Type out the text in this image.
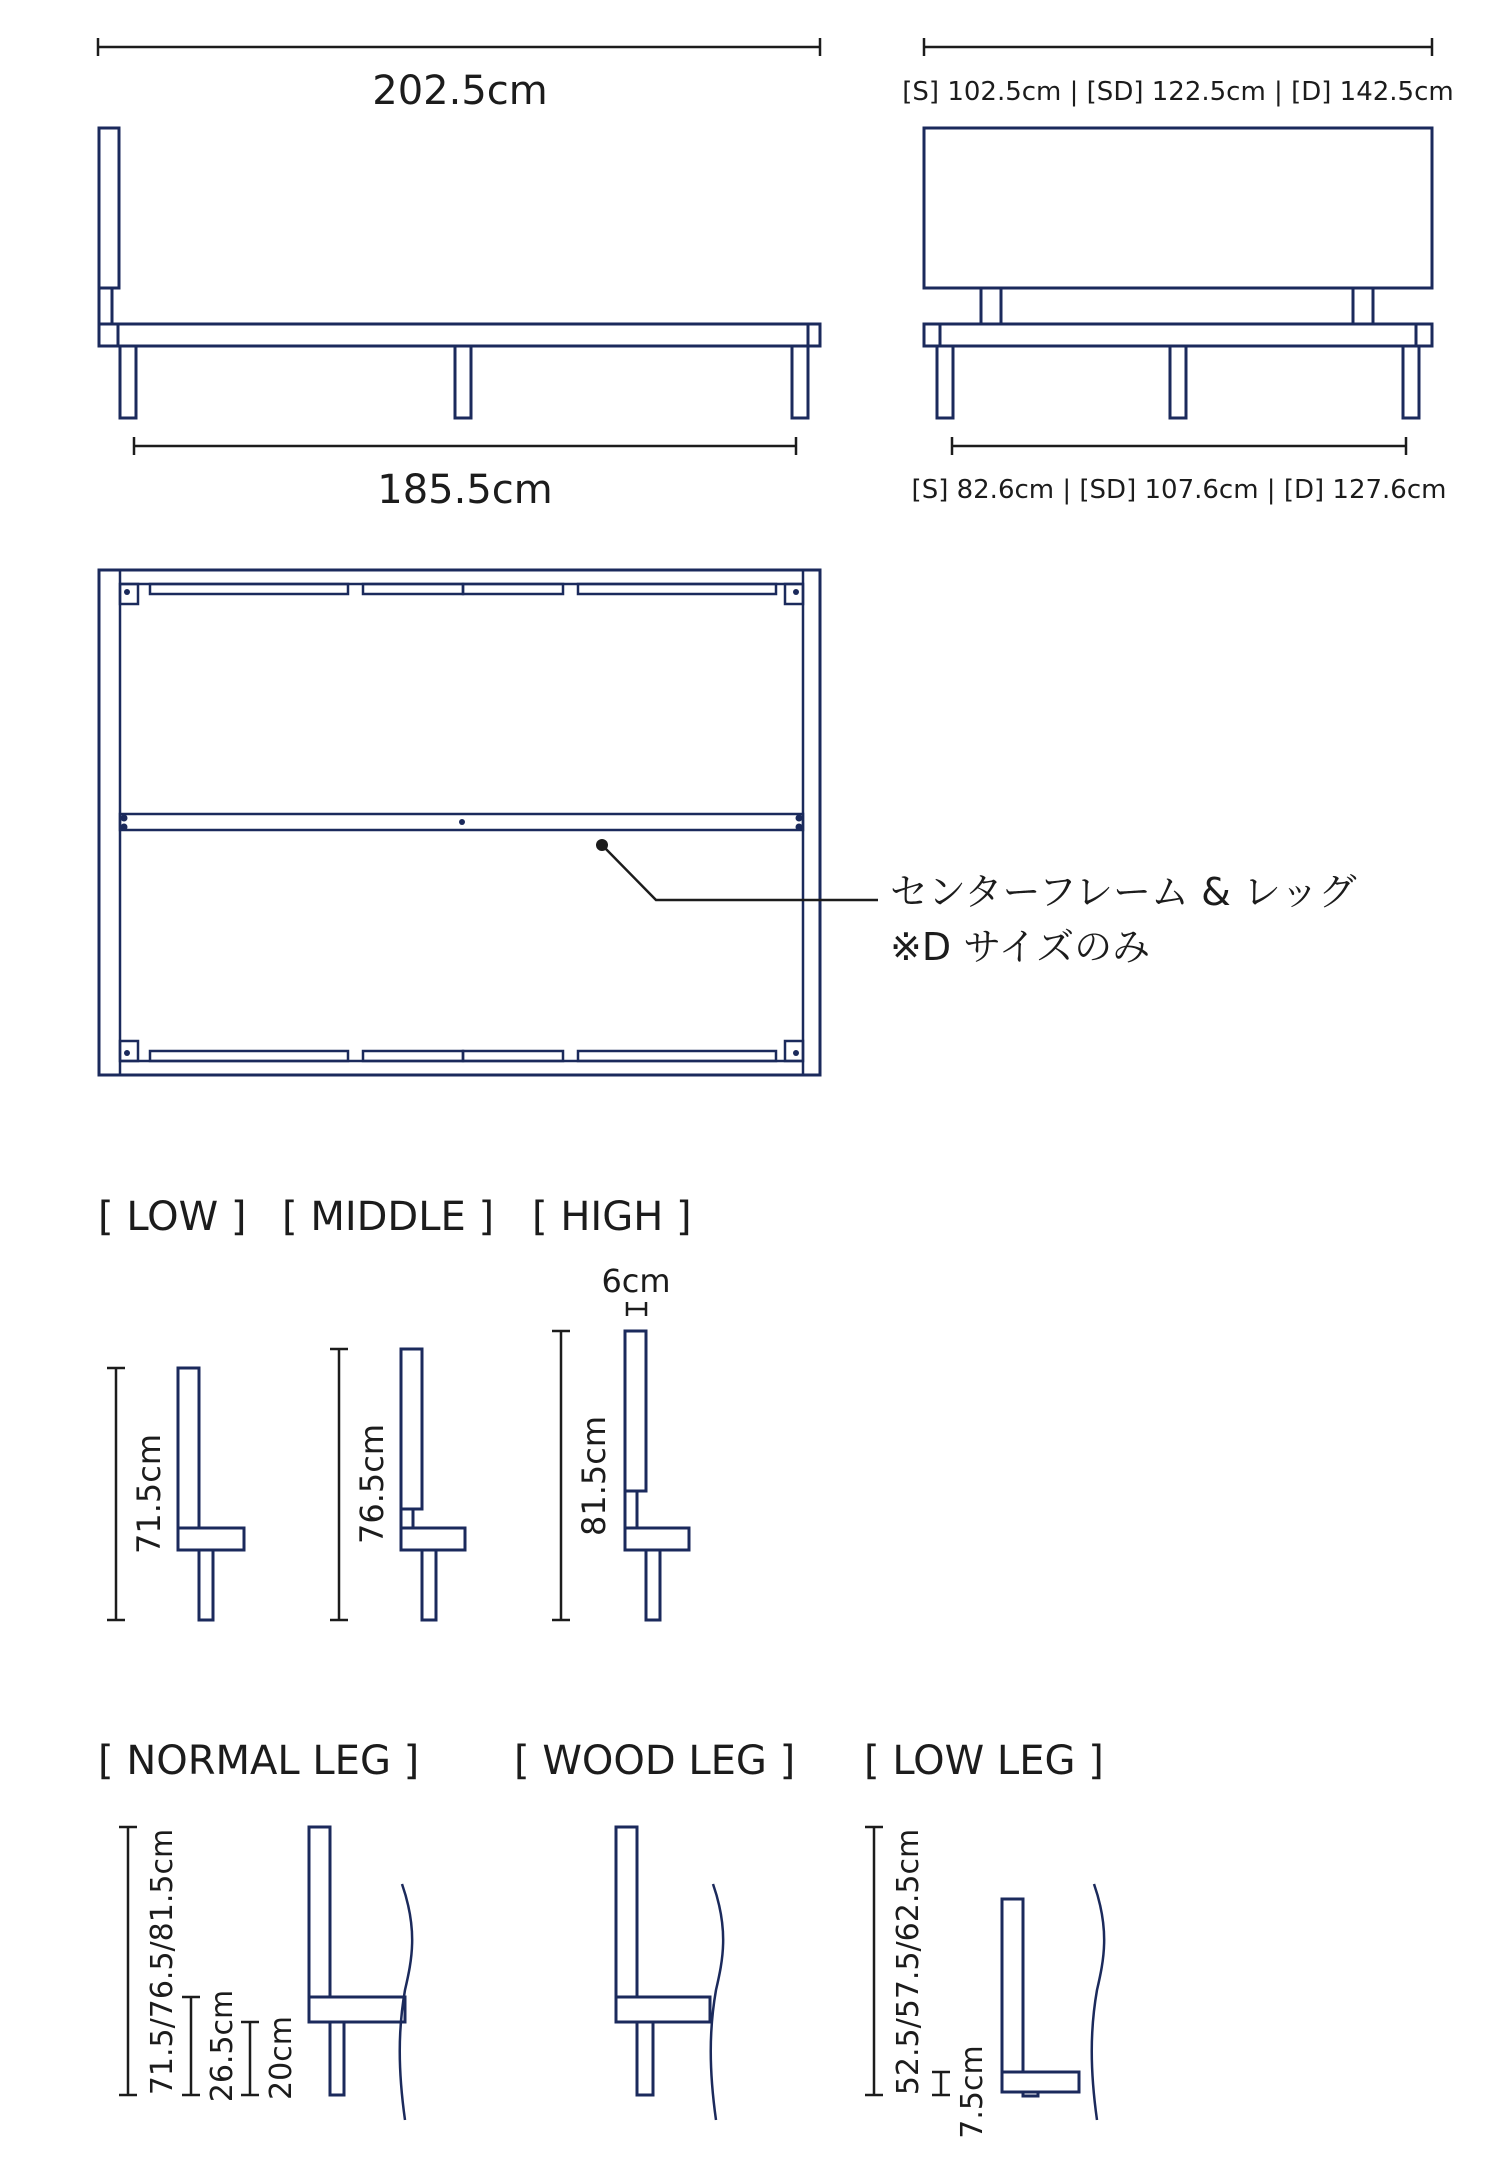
202.5cm
185.5cm
[S] 102.5cm | [SD] 122.5cm | [D] 142.5cm
[S] 82.6cm | [SD] 107.6cm | [D] 127.6cm
センターフレーム & レッグ
※D サイズのみ
[ LOW ] [ MIDDLE ] [ HIGH ]
71.5cm	76.5cm
6cm
81.5cm
[ NORMAL LEG ] [ WOOD LEG ] [ LOW LEG ]
71.5/76.5/81.5cm 26.5cm 20cm	52.5/57.5/62.5cm 7.5cm
